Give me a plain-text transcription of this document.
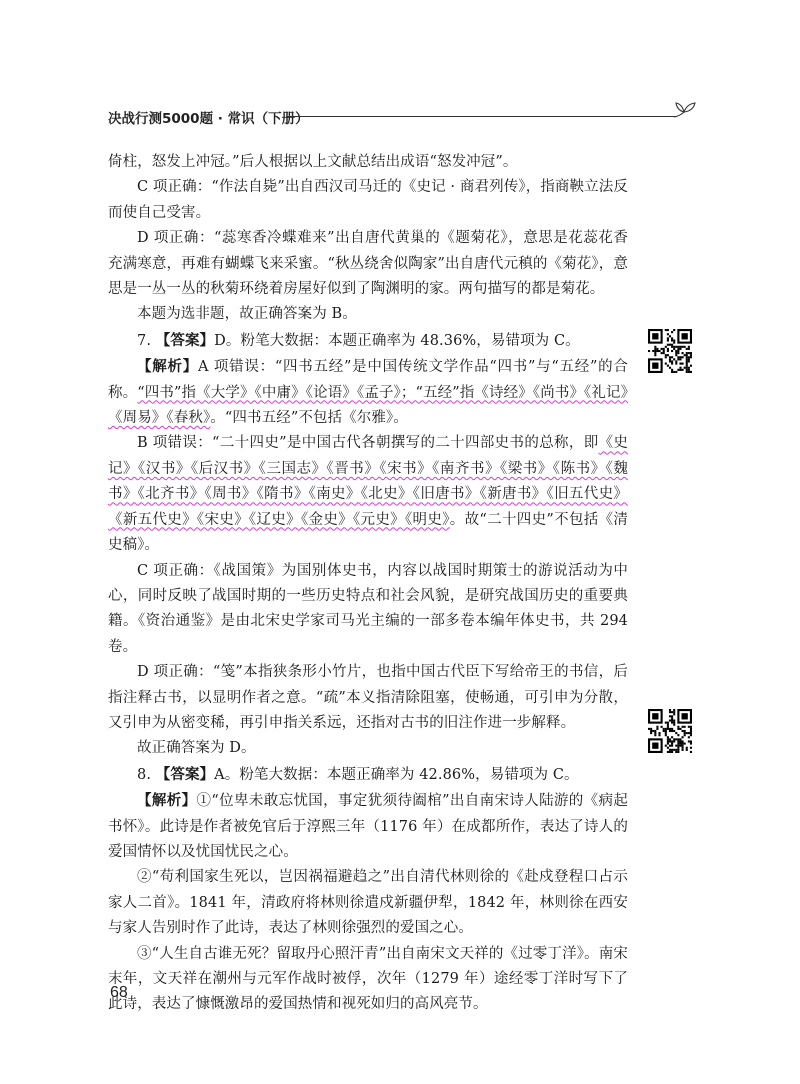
决战行测5000题 · 常识（下册）

倚柱，怒发上冲冠。”后人根据以上文献总结出成语“怒发冲冠”。

C 项正确：“作法自毙”出自西汉司马迁的《史记 · 商君列传》，指商鞅立法反而使自己受害。

D 项正确：“蕊寒香冷蝶难来”出自唐代黄巢的《题菊花》，意思是花蕊花香充满寒意，再难有蝴蝶飞来采蜜。“秋丛绕舍似陶家”出自唐代元稹的《菊花》，意思是一丛一丛的秋菊环绕着房屋好似到了陶渊明的家。两句描写的都是菊花。

本题为选非题，故正确答案为 B。

7. 【答案】D。粉笔大数据：本题正确率为 48.36%，易错项为 C。

【解析】A 项错误：“四书五经”是中国传统文学作品“四书”与“五经”的合称。“四书”指《大学》《中庸》《论语》《孟子》；“五经”指《诗经》《尚书》《礼记》《周易》《春秋》。“四书五经”不包括《尔雅》。

B 项错误：“二十四史”是中国古代各朝撰写的二十四部史书的总称，即《史记》《汉书》《后汉书》《三国志》《晋书》《宋书》《南齐书》《梁书》《陈书》《魏书》《北齐书》《周书》《隋书》《南史》《北史》《旧唐书》《新唐书》《旧五代史》《新五代史》《宋史》《辽史》《金史》《元史》《明史》。故“二十四史”不包括《清史稿》。

C 项正确：《战国策》为国别体史书，内容以战国时期策士的游说活动为中心，同时反映了战国时期的一些历史特点和社会风貌，是研究战国历史的重要典籍。《资治通鉴》是由北宋史学家司马光主编的一部多卷本编年体史书，共 294 卷。

D 项正确：“笺”本指狭条形小竹片，也指中国古代臣下写给帝王的书信，后指注释古书，以显明作者之意。“疏”本义指清除阻塞，使畅通，可引申为分散，又引申为从密变稀，再引申指关系远，还指对古书的旧注作进一步解释。

故正确答案为 D。

8. 【答案】A。粉笔大数据：本题正确率为 42.86%，易错项为 C。

【解析】①“位卑未敢忘忧国，事定犹须待阖棺”出自南宋诗人陆游的《病起书怀》。此诗是作者被免官后于淳熙三年（1176 年）在成都所作，表达了诗人的爱国情怀以及忧国忧民之心。

②“苟利国家生死以，岂因祸福避趋之”出自清代林则徐的《赴戍登程口占示家人二首》。1841 年，清政府将林则徐遣戍新疆伊犁，1842 年，林则徐在西安与家人告别时作了此诗，表达了林则徐强烈的爱国之心。

③“人生自古谁无死？留取丹心照汗青”出自南宋文天祥的《过零丁洋》。南宋末年，文天祥在潮州与元军作战时被俘，次年（1279 年）途经零丁洋时写下了此诗，表达了慷慨激昂的爱国热情和视死如归的高风亮节。

68
